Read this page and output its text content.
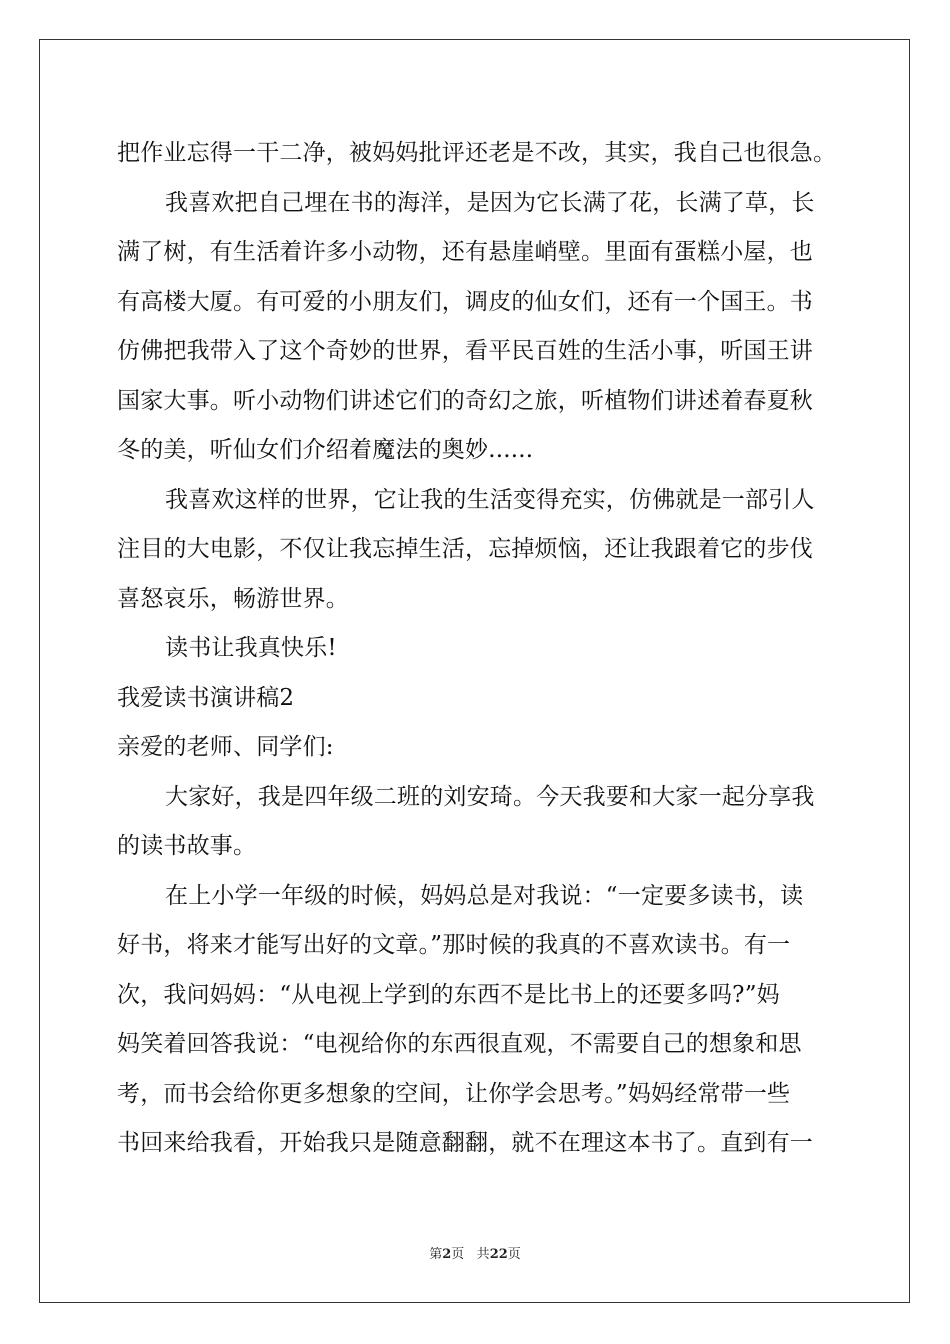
把作业忘得一干二净，被妈妈批评还老是不改，其实，我自己也很急。
我喜欢把自己埋在书的海洋，是因为它长满了花，长满了草，长
满了树，有生活着许多小动物，还有悬崖峭壁。里面有蛋糕小屋，也
有高楼大厦。有可爱的小朋友们，调皮的仙女们，还有一个国王。书
仿佛把我带入了这个奇妙的世界，看平民百姓的生活小事，听国王讲
国家大事。听小动物们讲述它们的奇幻之旅，听植物们讲述着春夏秋
冬的美，听仙女们介绍着魔法的奥妙......
我喜欢这样的世界，它让我的生活变得充实，仿佛就是一部引人
注目的大电影，不仅让我忘掉生活，忘掉烦恼，还让我跟着它的步伐
喜怒哀乐，畅游世界。
读书让我真快乐!
我爱读书演讲稿2
亲爱的老师、同学们:
大家好，我是四年级二班的刘安琦。今天我要和大家一起分享我
的读书故事。
在上小学一年级的时候，妈妈总是对我说：“一定要多读书，读
好书，将来才能写出好的文章。”那时候的我真的不喜欢读书。有一
次，我问妈妈：“从电视上学到的东西不是比书上的还要多吗?”妈
妈笑着回答我说：“电视给你的东西很直观，不需要自己的想象和思
考，而书会给你更多想象的空间，让你学会思考。”妈妈经常带一些
书回来给我看，开始我只是随意翻翻，就不在理这本书了。直到有一
第2页 共22页
